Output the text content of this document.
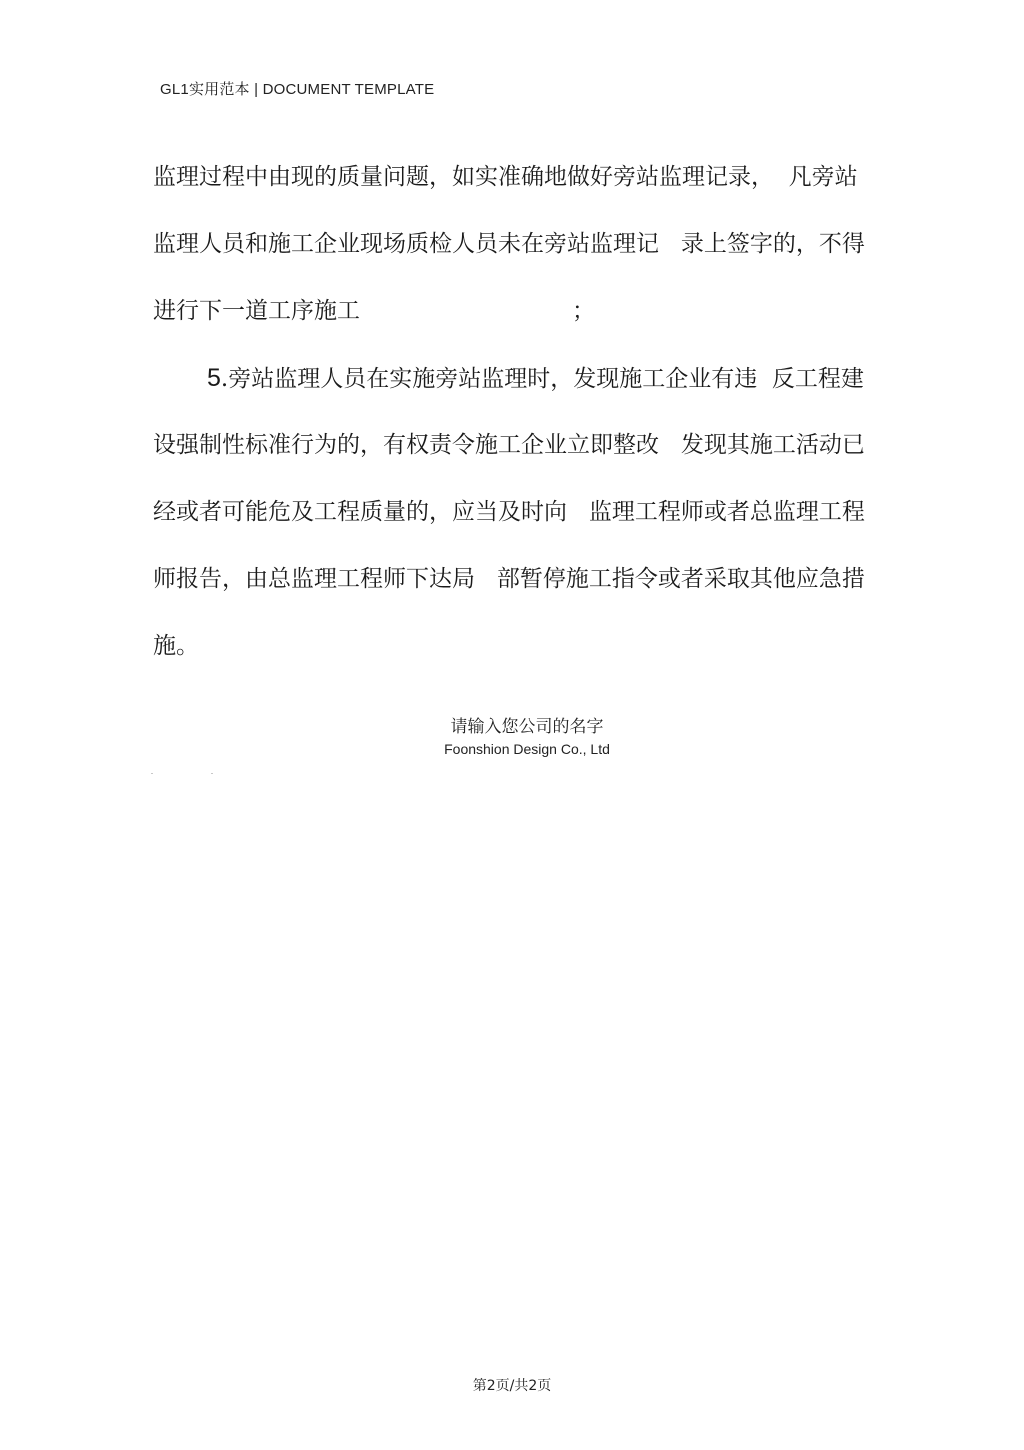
GL1实用范本 | DOCUMENT TEMPLATE
监理过程中由现的质量问题，如实准确地做好旁站监理记录，  凡旁站
监理人员和施工企业现场质检人员未在旁站监理记   录上签字的，不得
进行下一道工序施工                             ；
5.旁站监理人员在实施旁站监理时，发现施工企业有违  反工程建
设强制性标准行为的，有权责令施工企业立即整改   发现其施工活动已
经或者可能危及工程质量的，应当及时向   监理工程师或者总监理工程
师报告，由总监理工程师下达局   部暂停施工指令或者采取其他应急措
施。
请输入您公司的名字
Foonshion Design Co., Ltd
第2页/共2页
